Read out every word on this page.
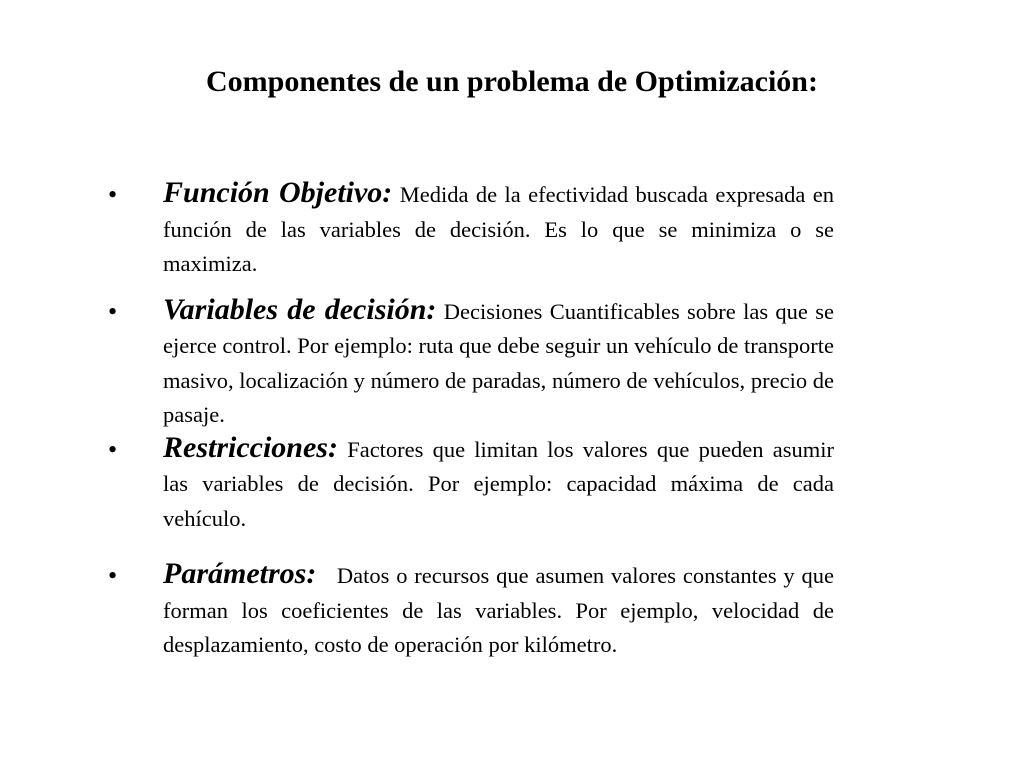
Componentes de un problema de Optimización:
• Función Objetivo: Medida de la efectividad buscada expresada en función de las variables de decisión. Es lo que se minimiza o se maximiza.
• Variables de decisión: Decisiones Cuantificables sobre las que se ejerce control. Por ejemplo: ruta que debe seguir un vehículo de transporte masivo, localización y número de paradas, número de vehículos, precio de pasaje.
• Restricciones: Factores que limitan los valores que pueden asumir las variables de decisión. Por ejemplo: capacidad máxima de cada vehículo.
• Parámetros: Datos o recursos que asumen valores constantes y que forman los coeficientes de las variables. Por ejemplo, velocidad de desplazamiento, costo de operación por kilómetro.
